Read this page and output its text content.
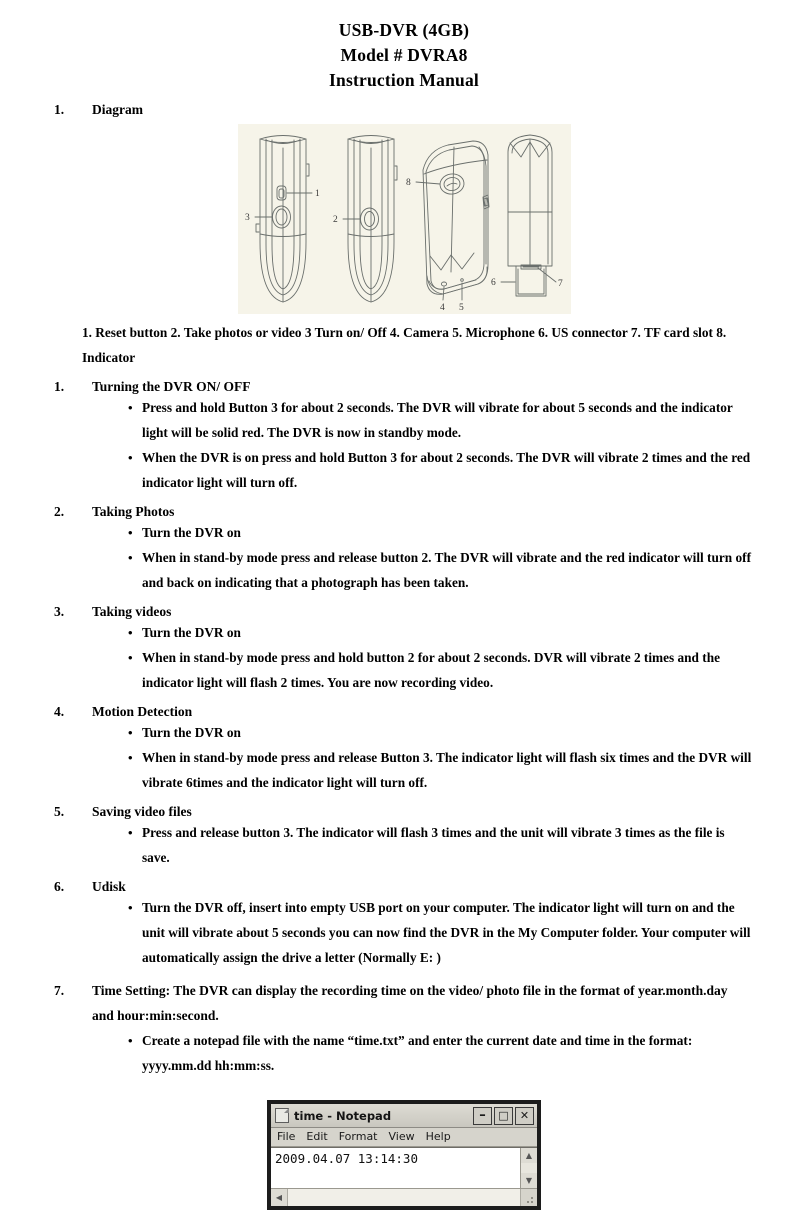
USB-DVR (4GB)
Model # DVRA8
Instruction Manual
1.	Diagram
1
3	2
8
4 5
6	7
1. Reset button 2. Take photos or video 3 Turn on/ Off 4. Camera 5. Microphone 6. US connector 7. TF card slot 8. Indicator
1.	Turning the DVR ON/ OFF
• Press and hold Button 3 for about 2 seconds. The DVR will vibrate for about 5 seconds and the indicator light will be solid red. The DVR is now in standby mode.
• When the DVR is on press and hold Button 3 for about 2 seconds. The DVR will vibrate 2 times and the red indicator light will turn off.
2.	Taking Photos
• Turn the DVR on
• When in stand-by mode press and release button 2. The DVR will vibrate and the red indicator will turn off and back on indicating that a photograph has been taken.
3.	Taking videos
• Turn the DVR on
• When in stand-by mode press and hold button 2 for about 2 seconds. DVR will vibrate 2 times and the indicator light will flash 2 times. You are now recording video.
4.	Motion Detection
• Turn the DVR on
• When in stand-by mode press and release Button 3. The indicator light will flash six times and the DVR will vibrate 6times and the indicator light will turn off.
5.	Saving video files
• Press and release button 3. The indicator will flash 3 times and the unit will vibrate 3 times as the file is save.
6.	Udisk
• Turn the DVR off, insert into empty USB port on your computer. The indicator light will turn on and the unit will vibrate about 5 seconds you can now find the DVR in the My Computer folder. Your computer will automatically assign the drive a letter (Normally E: )
7.	Time Setting: The DVR can display the recording time on the video/ photo file in the format of year.month.day and hour:min:second.
• Create a notepad file with the name “time.txt” and enter the current date and time in the format: yyyy.mm.dd hh:mm:ss.
time - Notepad	–	□	✕
File Edit Format View Help
2009.04.07 13:14:30	▲
▼
◀
